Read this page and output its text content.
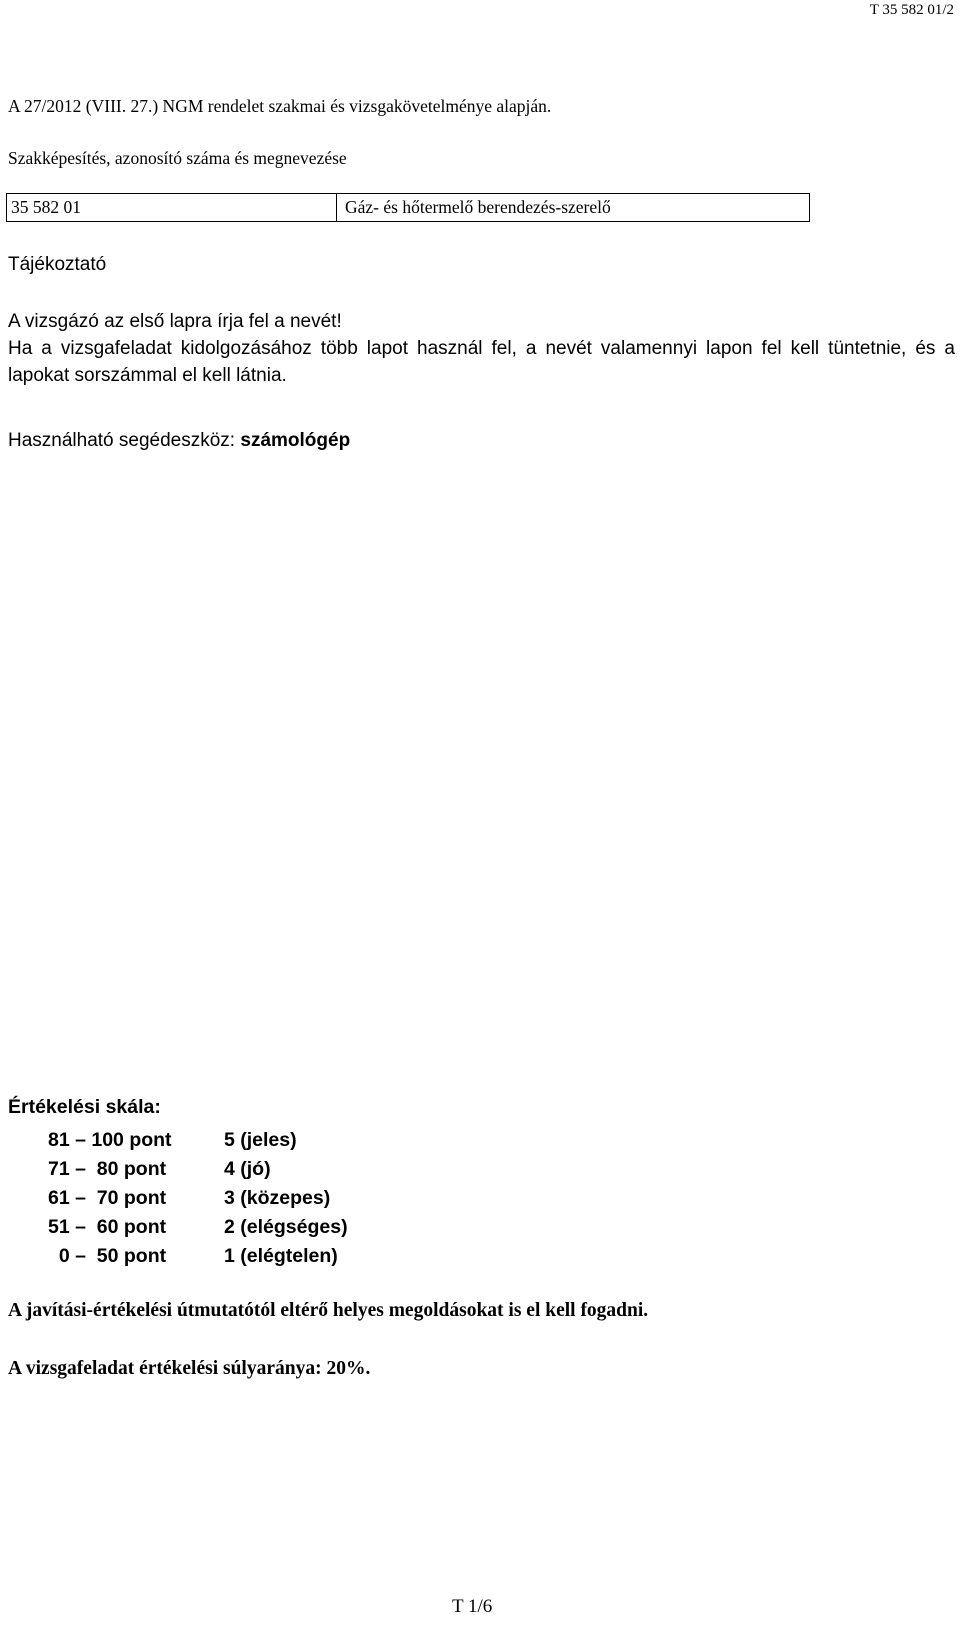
T 35 582 01/2
A 27/2012 (VIII. 27.) NGM rendelet szakmai és vizsgakövetelménye alapján.
Szakképesítés, azonosító száma és megnevezése
35 582 01	Gáz- és hőtermelő berendezés-szerelő
Tájékoztató

A vizsgázó az első lapra írja fel a nevét!

Ha a vizsgafeladat kidolgozásához több lapot használ fel, a nevét valamennyi lapon fel kell tüntetnie, és a lapokat sorszámmal el kell látnia.

Használható segédeszköz: számológép
Értékelési skála:
81 – 100 pont	5 (jeles)
71 –  80 pont	4 (jó)
61 –  70 pont	3 (közepes)
51 –  60 pont	2 (elégséges)
0 –  50 pont	1 (elégtelen)
A javítási-értékelési útmutatótól eltérő helyes megoldásokat is el kell fogadni.
A vizsgafeladat értékelési súlyaránya: 20%.
T 1/6
